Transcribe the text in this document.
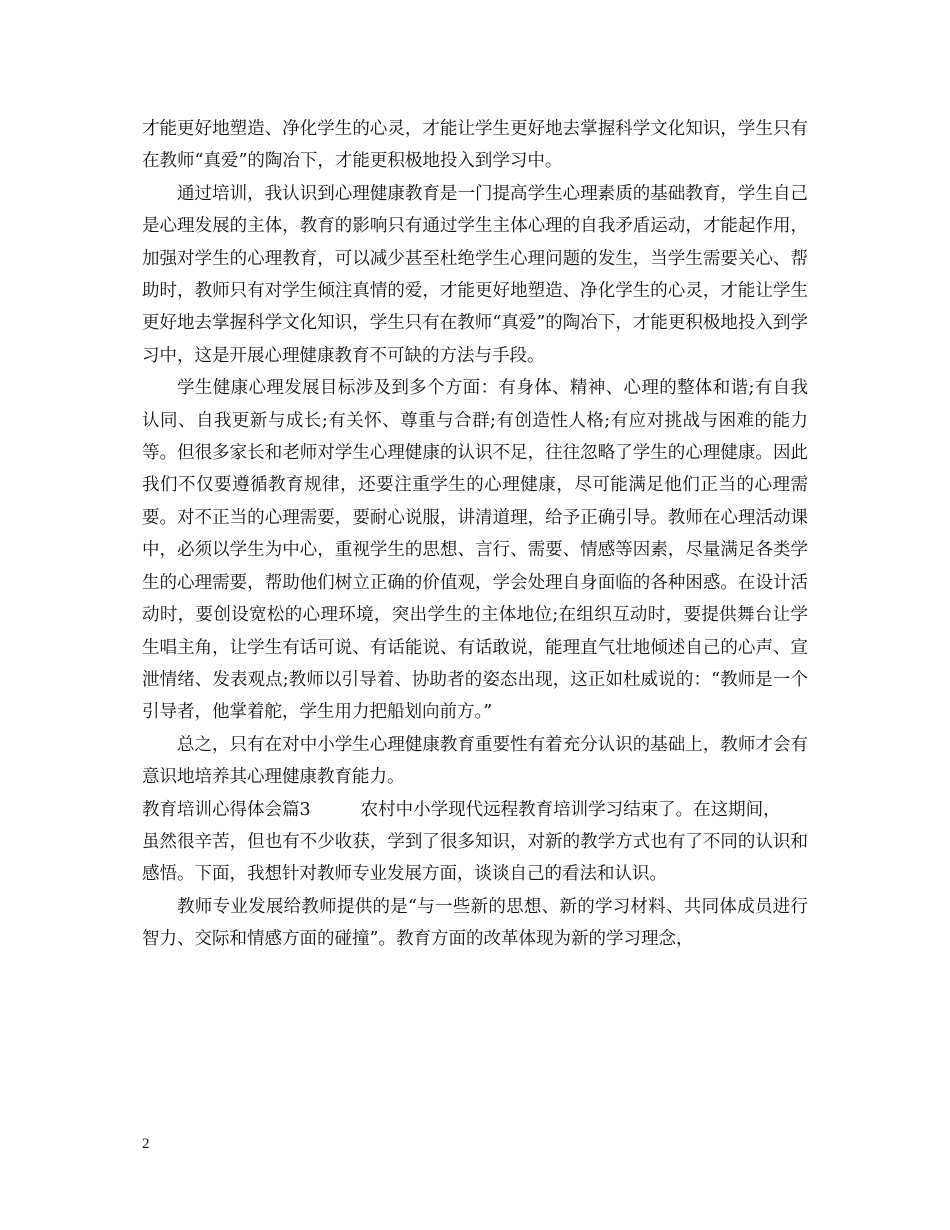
才能更好地塑造、净化学生的心灵，才能让学生更好地去掌握科学文化知识，学生只有在教师“真爱”的陶冶下，才能更积极地投入到学习中。

通过培训，我认识到心理健康教育是一门提高学生心理素质的基础教育，学生自己是心理发展的主体，教育的影响只有通过学生主体心理的自我矛盾运动，才能起作用，加强对学生的心理教育，可以减少甚至杜绝学生心理问题的发生，当学生需要关心、帮助时，教师只有对学生倾注真情的爱，才能更好地塑造、净化学生的心灵，才能让学生更好地去掌握科学文化知识，学生只有在教师“真爱”的陶冶下，才能更积极地投入到学习中，这是开展心理健康教育不可缺的方法与手段。

学生健康心理发展目标涉及到多个方面：有身体、精神、心理的整体和谐;有自我认同、自我更新与成长;有关怀、尊重与合群;有创造性人格;有应对挑战与困难的能力等。但很多家长和老师对学生心理健康的认识不足，往往忽略了学生的心理健康。因此我们不仅要遵循教育规律，还要注重学生的心理健康，尽可能满足他们正当的心理需要。对不正当的心理需要，要耐心说服，讲清道理，给予正确引导。教师在心理活动课中，必须以学生为中心，重视学生的思想、言行、需要、情感等因素，尽量满足各类学生的心理需要，帮助他们树立正确的价值观，学会处理自身面临的各种困惑。在设计活动时，要创设宽松的心理环境，突出学生的主体地位;在组织互动时，要提供舞台让学生唱主角，让学生有话可说、有话能说、有话敢说，能理直气壮地倾述自己的心声、宣泄情绪、发表观点;教师以引导着、协助者的姿态出现，这正如杜威说的：“教师是一个引导者，他掌着舵，学生用力把船划向前方。”

总之，只有在对中小学生心理健康教育重要性有着充分认识的基础上，教师才会有意识地培养其心理健康教育能力。

教育培训心得体会篇3	农村中小学现代远程教育培训学习结束了。在这期间，

虽然很辛苦，但也有不少收获，学到了很多知识，对新的教学方式也有了不同的认识和感悟。下面，我想针对教师专业发展方面，谈谈自己的看法和认识。

教师专业发展给教师提供的是“与一些新的思想、新的学习材料、共同体成员进行智力、交际和情感方面的碰撞”。教育方面的改革体现为新的学习理念，

2
